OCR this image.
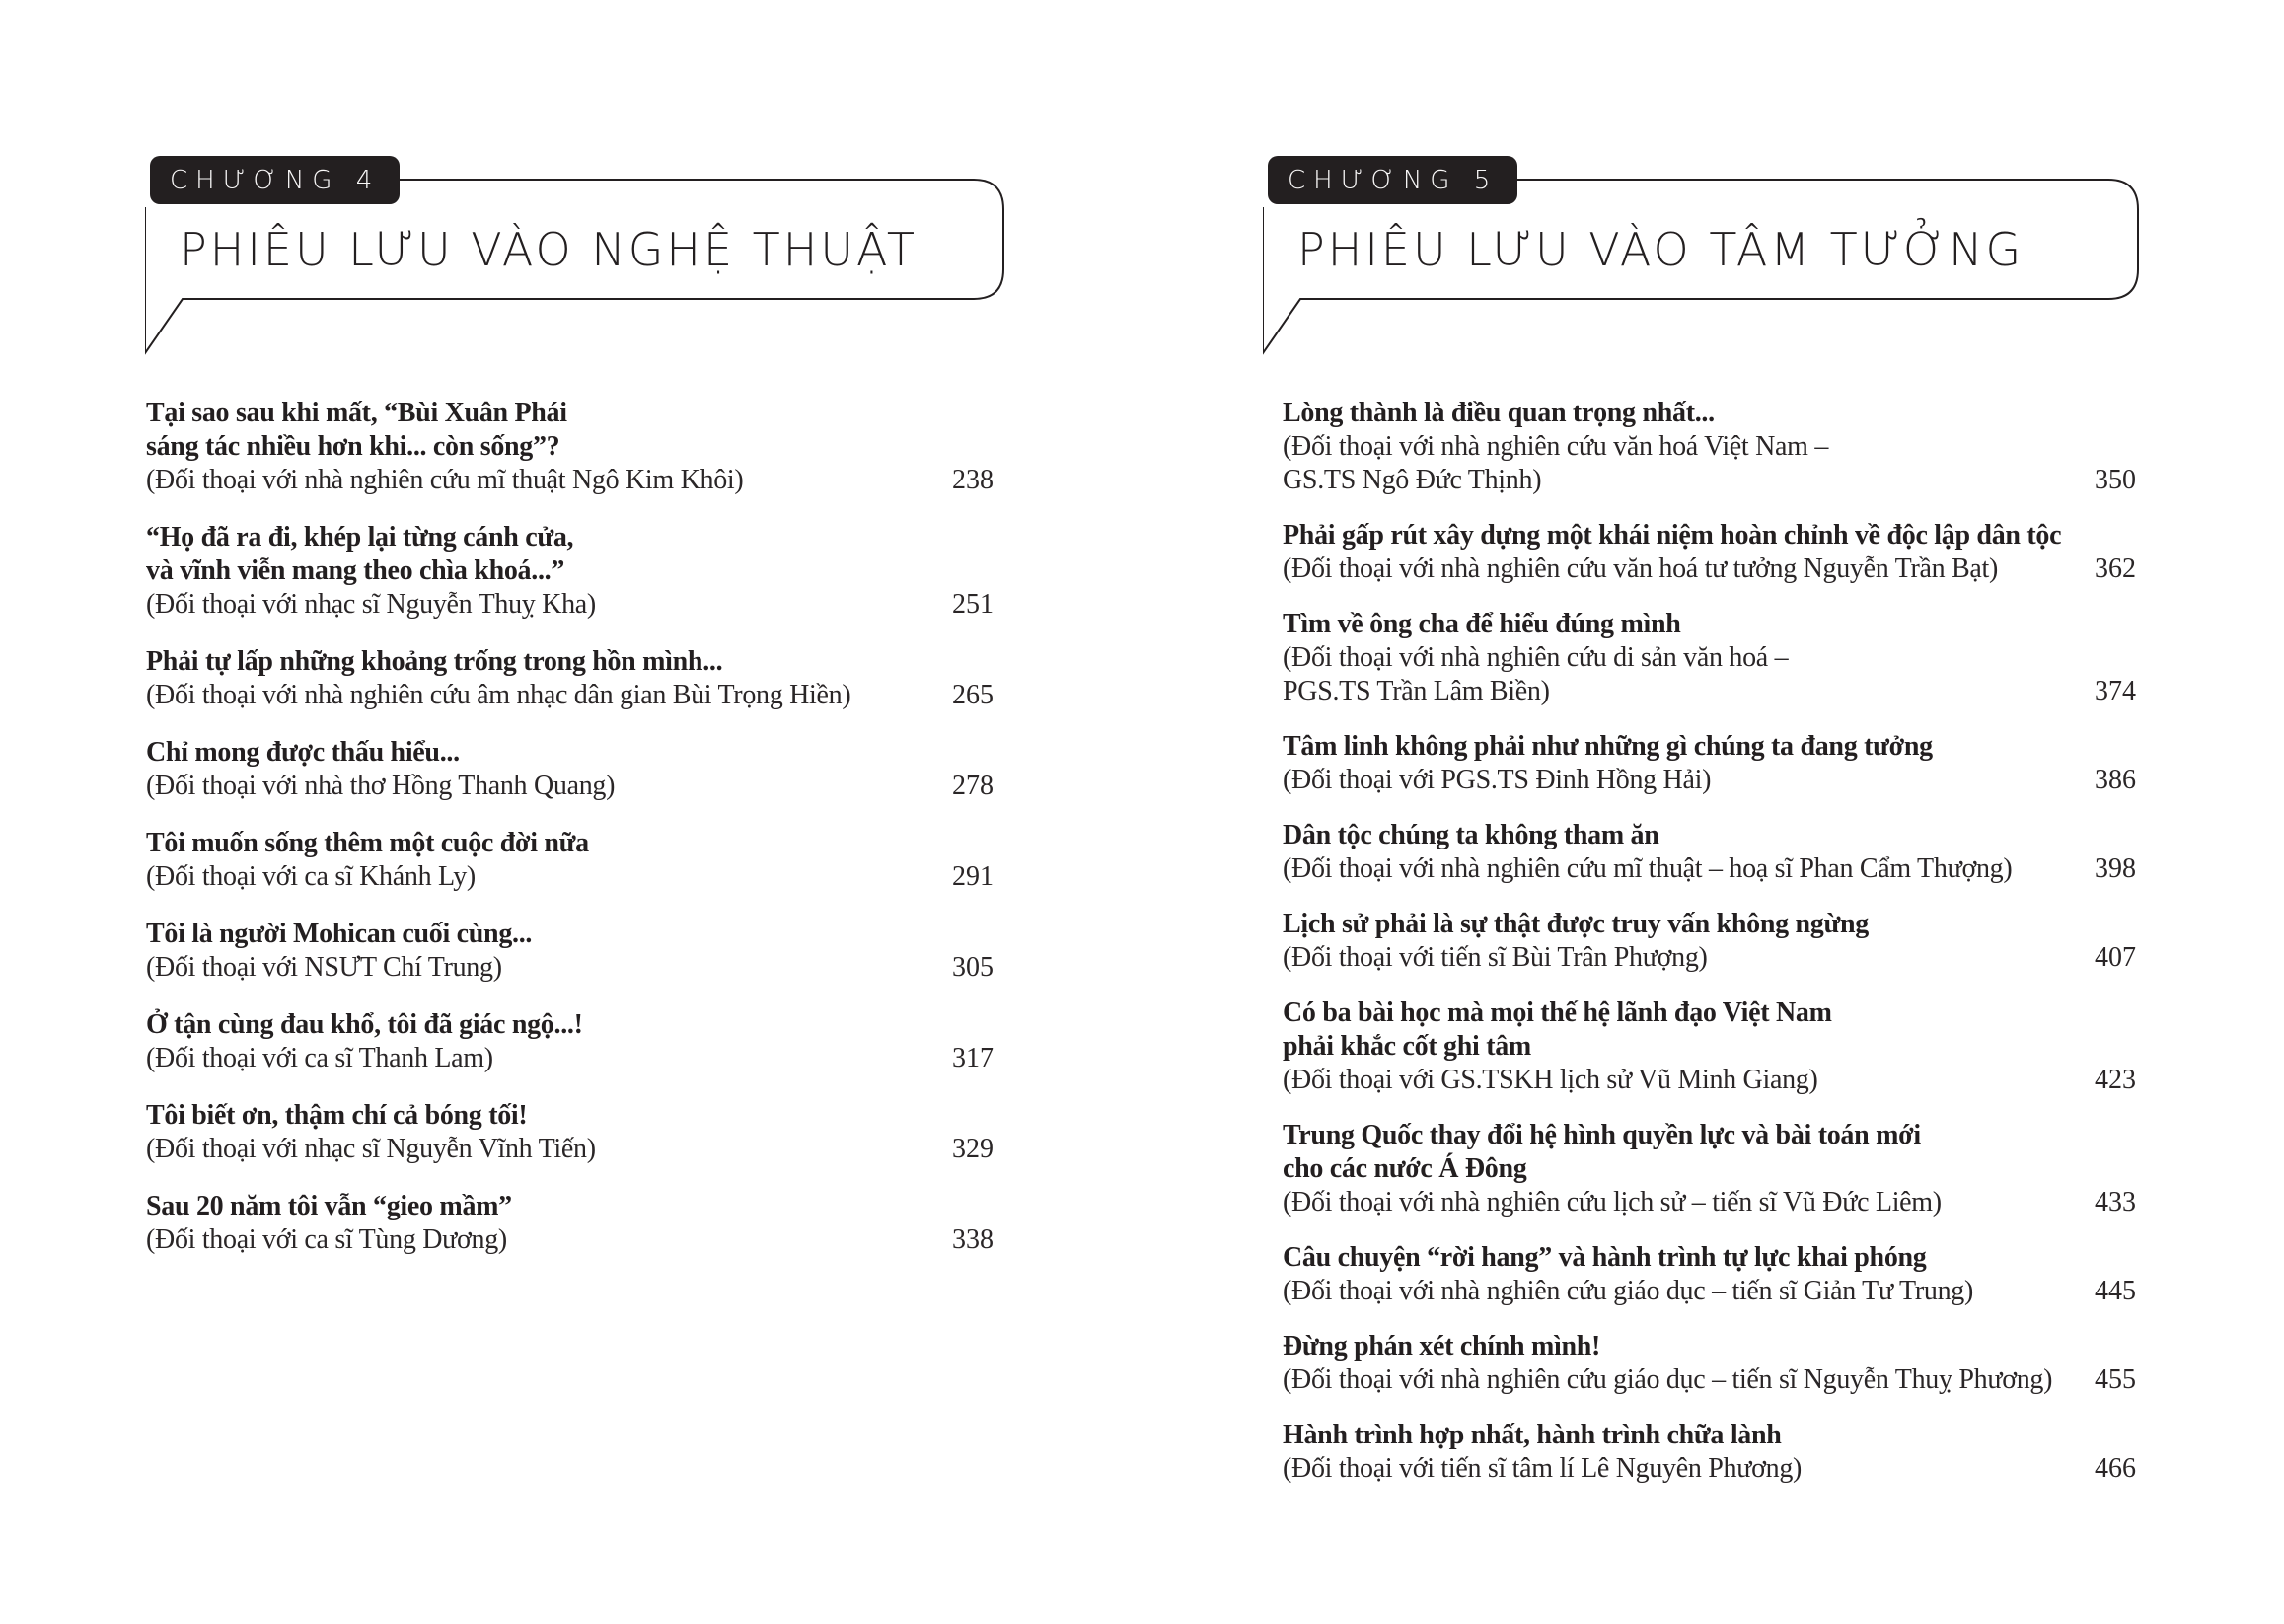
CHƯƠNG 4
PHIÊU LƯU VÀO NGHỆ THUẬT
Tại sao sau khi mất, “Bùi Xuân Phái
sáng tác nhiều hơn khi... còn sống”?
(Đối thoại với nhà nghiên cứu mĩ thuật Ngô Kim Khôi)	238
“Họ đã ra đi, khép lại từng cánh cửa,
và vĩnh viễn mang theo chìa khoá...”
(Đối thoại với nhạc sĩ Nguyễn Thuỵ Kha)	251
Phải tự lấp những khoảng trống trong hồn mình...
(Đối thoại với nhà nghiên cứu âm nhạc dân gian Bùi Trọng Hiền)	265
Chỉ mong được thấu hiểu...
(Đối thoại với nhà thơ Hồng Thanh Quang)	278
Tôi muốn sống thêm một cuộc đời nữa
(Đối thoại với ca sĩ Khánh Ly)	291
Tôi là người Mohican cuối cùng...
(Đối thoại với NSƯT Chí Trung)	305
Ở tận cùng đau khổ, tôi đã giác ngộ...!
(Đối thoại với ca sĩ Thanh Lam)	317
Tôi biết ơn, thậm chí cả bóng tối!
(Đối thoại với nhạc sĩ Nguyễn Vĩnh Tiến)	329
Sau 20 năm tôi vẫn “gieo mầm”
(Đối thoại với ca sĩ Tùng Dương)	338
CHƯƠNG 5
PHIÊU LƯU VÀO TÂM TƯỞNG
Lòng thành là điều quan trọng nhất...
(Đối thoại với nhà nghiên cứu văn hoá Việt Nam –
GS.TS Ngô Đức Thịnh)	350
Phải gấp rút xây dựng một khái niệm hoàn chỉnh về độc lập dân tộc
(Đối thoại với nhà nghiên cứu văn hoá tư tưởng Nguyễn Trần Bạt)	362
Tìm về ông cha để hiểu đúng mình
(Đối thoại với nhà nghiên cứu di sản văn hoá –
PGS.TS Trần Lâm Biền)	374
Tâm linh không phải như những gì chúng ta đang tưởng
(Đối thoại với PGS.TS Đinh Hồng Hải)	386
Dân tộc chúng ta không tham ăn
(Đối thoại với nhà nghiên cứu mĩ thuật – hoạ sĩ Phan Cẩm Thượng)	398
Lịch sử phải là sự thật được truy vấn không ngừng
(Đối thoại với tiến sĩ Bùi Trân Phượng)	407
Có ba bài học mà mọi thế hệ lãnh đạo Việt Nam
phải khắc cốt ghi tâm
(Đối thoại với GS.TSKH lịch sử Vũ Minh Giang)	423
Trung Quốc thay đổi hệ hình quyền lực và bài toán mới
cho các nước Á Đông
(Đối thoại với nhà nghiên cứu lịch sử – tiến sĩ Vũ Đức Liêm)	433
Câu chuyện “rời hang” và hành trình tự lực khai phóng
(Đối thoại với nhà nghiên cứu giáo dục – tiến sĩ Giản Tư Trung)	445
Đừng phán xét chính mình!
(Đối thoại với nhà nghiên cứu giáo dục – tiến sĩ Nguyễn Thuỵ Phương)	455
Hành trình hợp nhất, hành trình chữa lành
(Đối thoại với tiến sĩ tâm lí Lê Nguyên Phương)	466
